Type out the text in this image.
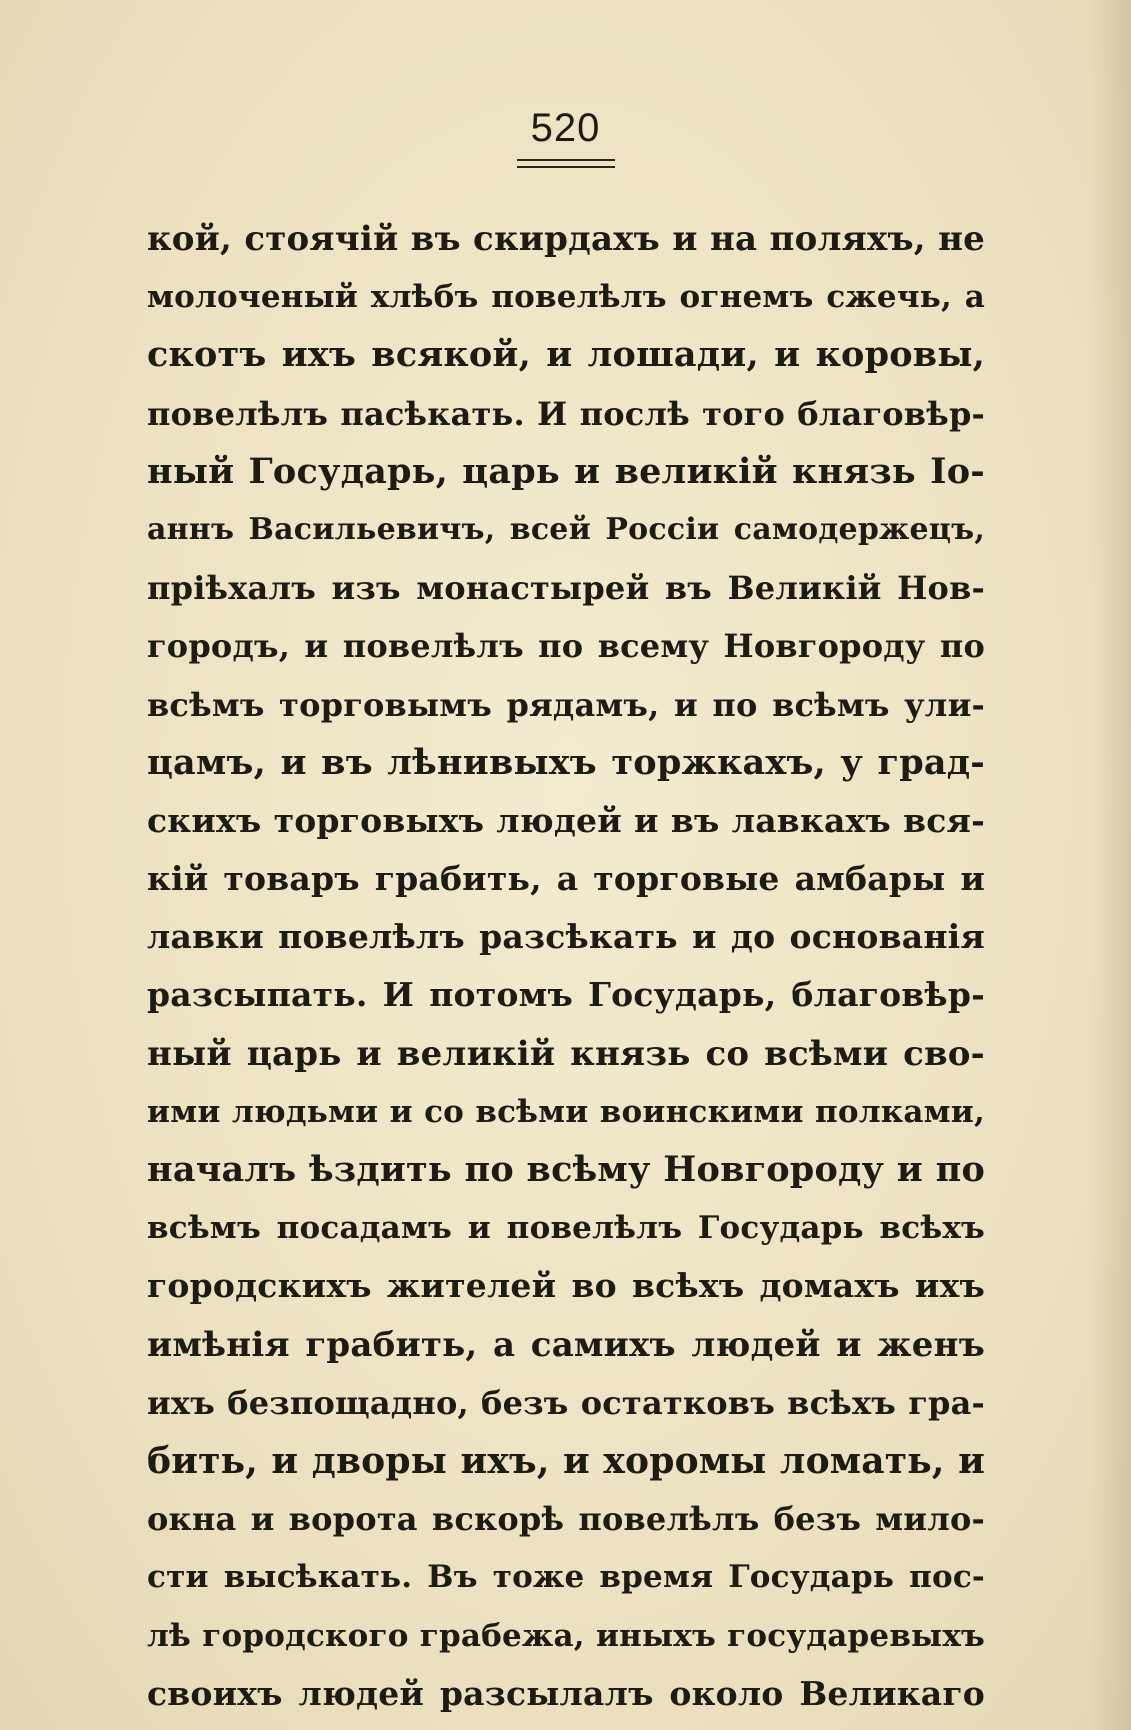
520
кой, стоячій въ скирдахъ и на поляхъ, не
молоченый хлѣбъ повелѣлъ огнемъ сжечь, а
скотъ ихъ всякой, и лошади, и коровы,
повелѣлъ пасѣкать. И послѣ того благовѣр-
ный Государь, царь и великій князь Іо-
аннъ Васильевичъ, всей Россіи самодержецъ,
пріѣхалъ изъ монастырей въ Великій Нов-
городъ, и повелѣлъ по всему Новгороду по
всѣмъ торговымъ рядамъ, и по всѣмъ ули-
цамъ, и въ лѣнивыхъ торжкахъ, у град-
скихъ торговыхъ людей и въ лавкахъ вся-
кій товаръ грабить, а торговые амбары и
лавки повелѣлъ разсѣкать и до основанія
разсыпать. И потомъ Государь, благовѣр-
ный царь и великій князь со всѣми сво-
ими людьми и со всѣми воинскими полками,
началъ ѣздить по всѣму Новгороду и по
всѣмъ посадамъ и повелѣлъ Государь всѣхъ
городскихъ жителей во всѣхъ домахъ ихъ
имѣнія грабить, а самихъ людей и женъ
ихъ безпощадно, безъ остатковъ всѣхъ гра-
бить, и дворы ихъ, и хоромы ломать, и
окна и ворота вскорѣ повелѣлъ безъ мило-
сти высѣкать. Въ тоже время Государь пос-
лѣ городского грабежа, иныхъ государевыхъ
своихъ людей разсылалъ около Великаго
